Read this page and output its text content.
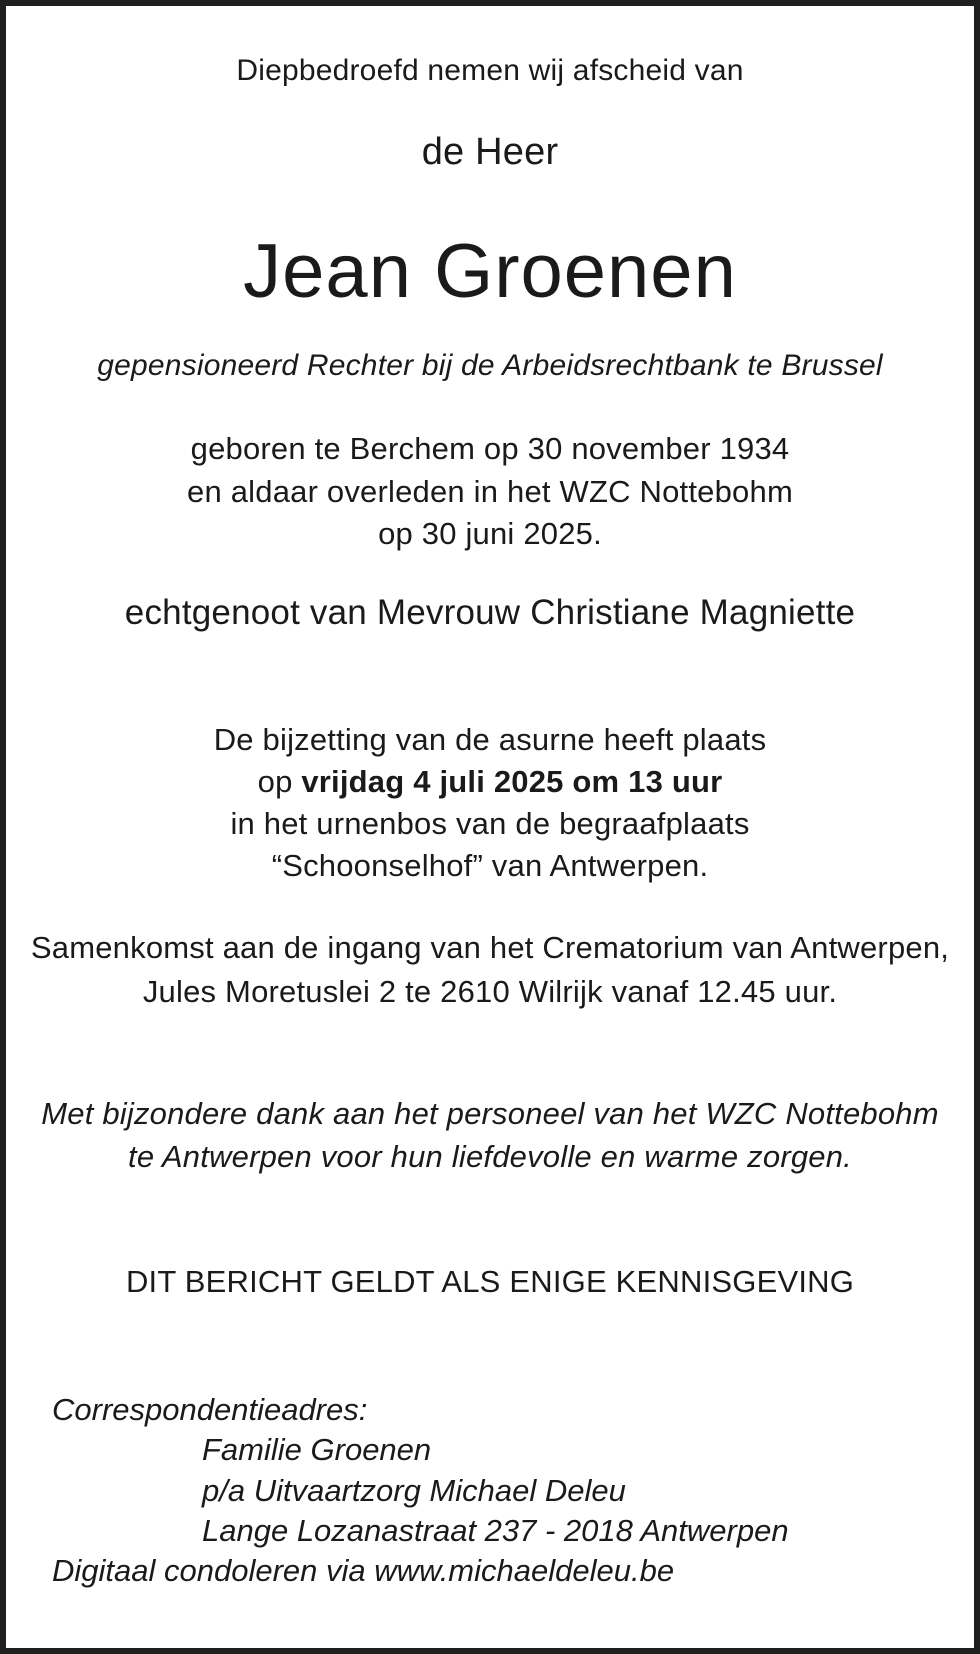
Diepbedroefd nemen wij afscheid van
de Heer
Jean Groenen
gepensioneerd Rechter bij de Arbeidsrechtbank te Brussel
geboren te Berchem op 30 november 1934
en aldaar overleden in het WZC Nottebohm
op 30 juni 2025.
echtgenoot van Mevrouw Christiane Magniette
De bijzetting van de asurne heeft plaats
op vrijdag 4 juli 2025 om 13 uur
in het urnenbos van de begraafplaats
“Schoonselhof” van Antwerpen.
Samenkomst aan de ingang van het Crematorium van Antwerpen,
Jules Moretuslei 2 te 2610 Wilrijk vanaf 12.45 uur.
Met bijzondere dank aan het personeel van het WZC Nottebohm
te Antwerpen voor hun liefdevolle en warme zorgen.
DIT BERICHT GELDT ALS ENIGE KENNISGEVING
Correspondentieadres:
Familie Groenen
p/a Uitvaartzorg Michael Deleu
Lange Lozanastraat 237 - 2018 Antwerpen
Digitaal condoleren via www.michaeldeleu.be
